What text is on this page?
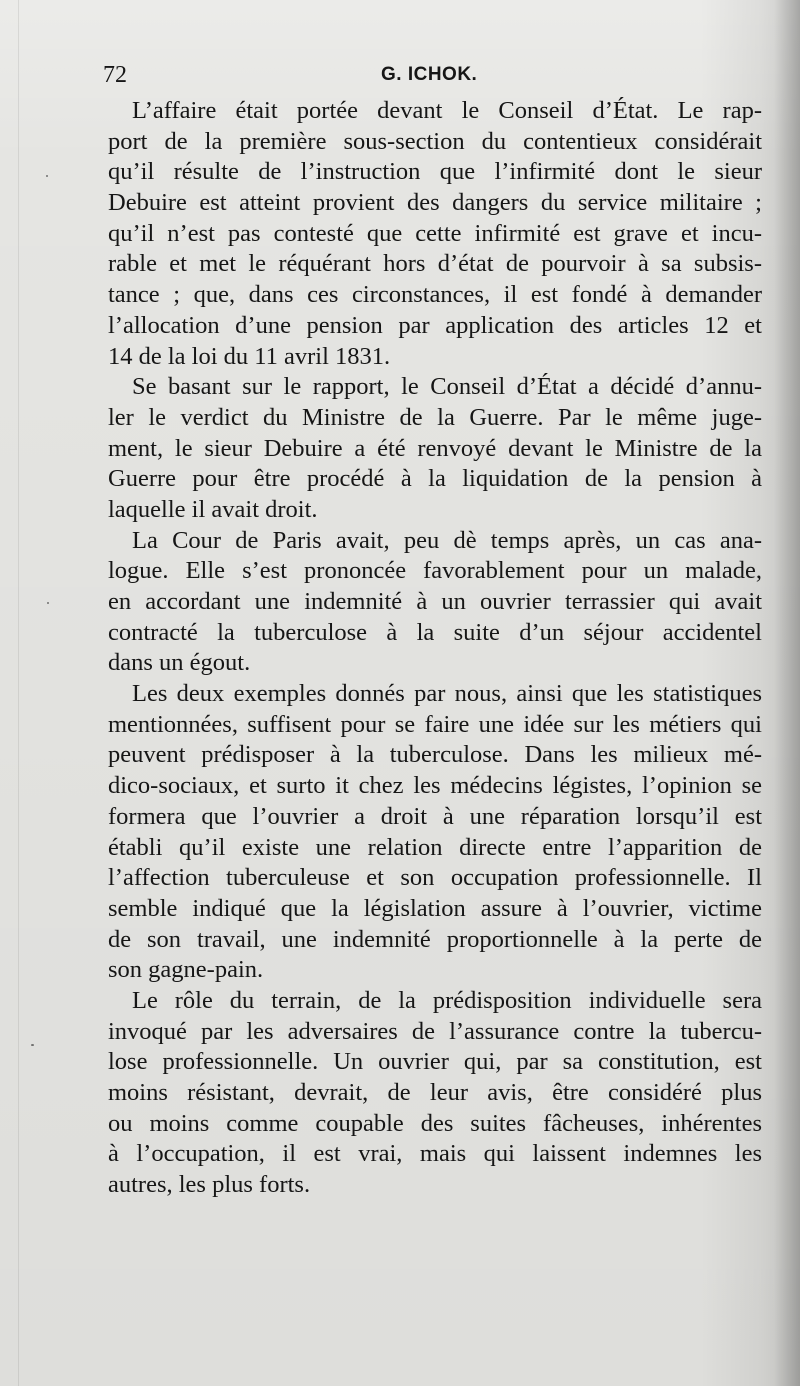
72	G. ICHOK.
L’affaire était portée devant le Conseil d’État. Le rap-
port de la première sous-section du contentieux considérait
qu’il résulte de l’instruction que l’infirmité dont le sieur
Debuire est atteint provient des dangers du service militaire ;
qu’il n’est pas contesté que cette infirmité est grave et incu-
rable et met le réquérant hors d’état de pourvoir à sa subsis-
tance ; que, dans ces circonstances, il est fondé à demander
l’allocation d’une pension par application des articles 12 et
14 de la loi du 11 avril 1831.
Se basant sur le rapport, le Conseil d’État a décidé d’annu-
ler le verdict du Ministre de la Guerre. Par le même juge-
ment, le sieur Debuire a été renvoyé devant le Ministre de la
Guerre pour être procédé à la liquidation de la pension à
laquelle il avait droit.
La Cour de Paris avait, peu dè temps après, un cas ana-
logue. Elle s’est prononcée favorablement pour un malade,
en accordant une indemnité à un ouvrier terrassier qui avait
contracté la tuberculose à la suite d’un séjour accidentel
dans un égout.
Les deux exemples donnés par nous, ainsi que les statistiques
mentionnées, suffisent pour se faire une idée sur les métiers qui
peuvent prédisposer à la tuberculose. Dans les milieux mé-
dico-sociaux, et surto it chez les médecins légistes, l’opinion se
formera que l’ouvrier a droit à une réparation lorsqu’il est
établi qu’il existe une relation directe entre l’apparition de
l’affection tuberculeuse et son occupation professionnelle. Il
semble indiqué que la législation assure à l’ouvrier, victime
de son travail, une indemnité proportionnelle à la perte de
son gagne-pain.
Le rôle du terrain, de la prédisposition individuelle sera
invoqué par les adversaires de l’assurance contre la tubercu-
lose professionnelle. Un ouvrier qui, par sa constitution, est
moins résistant, devrait, de leur avis, être considéré plus
ou moins comme coupable des suites fâcheuses, inhérentes
à l’occupation, il est vrai, mais qui laissent indemnes les
autres, les plus forts.
